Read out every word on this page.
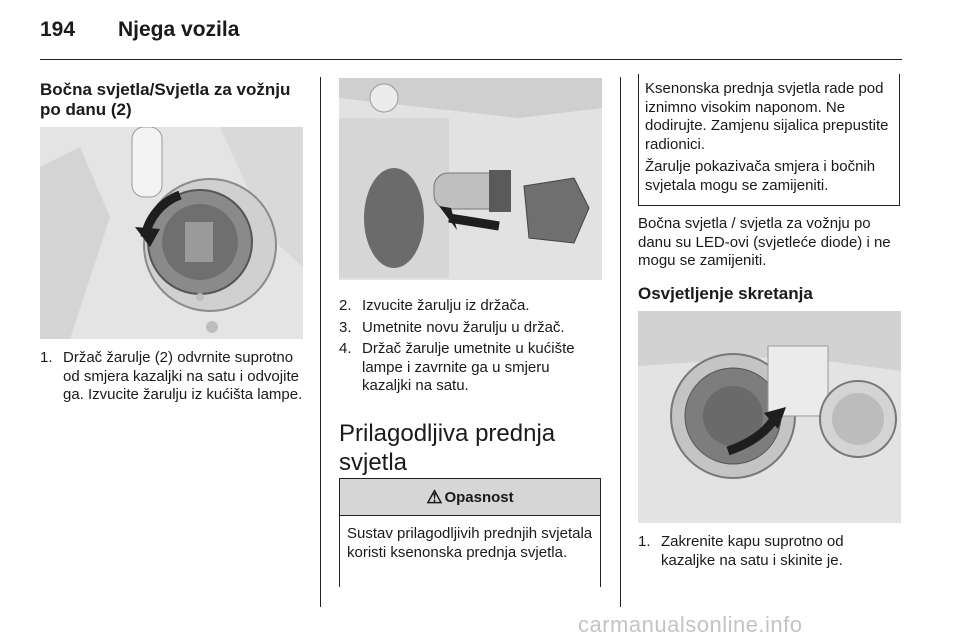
194 Njega vozila
Bočna svjetla/Svjetla za vožnju po danu (2)
1. Držač žarulje (2) odvrnite suprotno od smjera kazaljki na satu i odvojite ga. Izvucite žarulju iz kućišta lampe.
2. Izvucite žarulju iz držača.
3. Umetnite novu žarulju u držač.
4. Držač žarulje umetnite u kućište lampe i zavrnite ga u smjeru kazaljki na satu.
Prilagodljiva prednja svjetla
⚠ Opasnost
Sustav prilagodljivih prednjih svjetala koristi ksenonska prednja svjetla.
Ksenonska prednja svjetla rade pod iznimno visokim naponom. Ne dodirujte. Zamjenu sijalica prepustite radionici.
Žarulje pokazivača smjera i bočnih svjetala mogu se zamijeniti.
Bočna svjetla / svjetla za vožnju po danu su LED-ovi (svjetleće diode) i ne mogu se zamijeniti.
Osvjetljenje skretanja
1. Zakrenite kapu suprotno od kazaljke na satu i skinite je.
carmanualsonline.info
